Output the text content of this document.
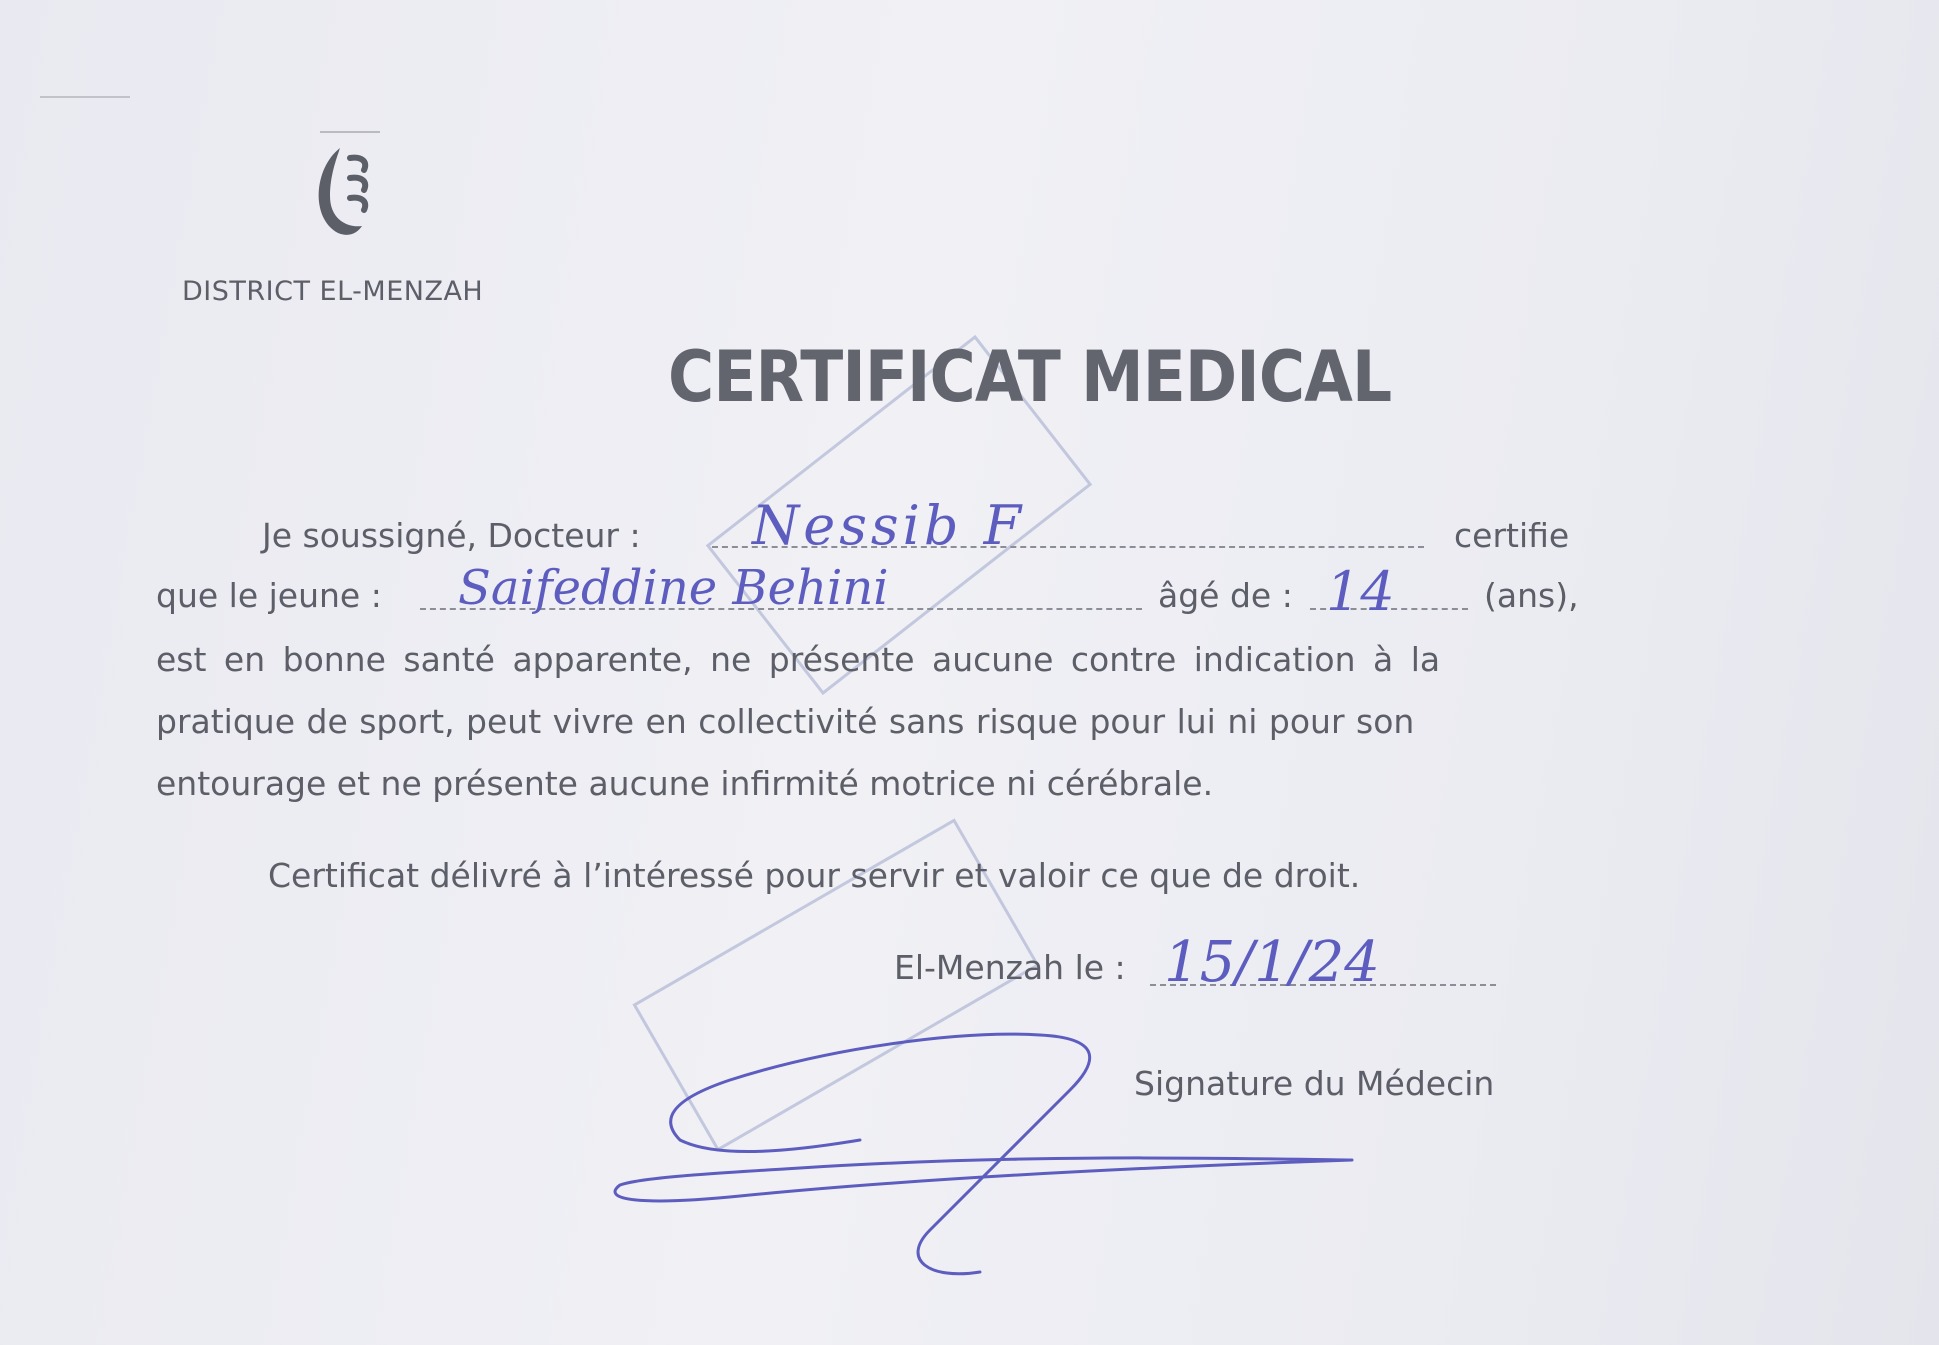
DISTRICT EL-MENZAH
CERTIFICAT MEDICAL
Je soussigné, Docteur : Nessib F	certifie
que le jeune : Saifeddine Behini	âgé de : 14	(ans),
est en bonne santé apparente, ne présente aucune contre indication à la
pratique de sport, peut vivre en collectivité sans risque pour lui ni pour son
entourage et ne présente aucune infirmité motrice ni cérébrale.
Certificat délivré à l’intéressé pour servir et valoir ce que de droit.
El-Menzah le : 15/1/24
Signature du Médecin
